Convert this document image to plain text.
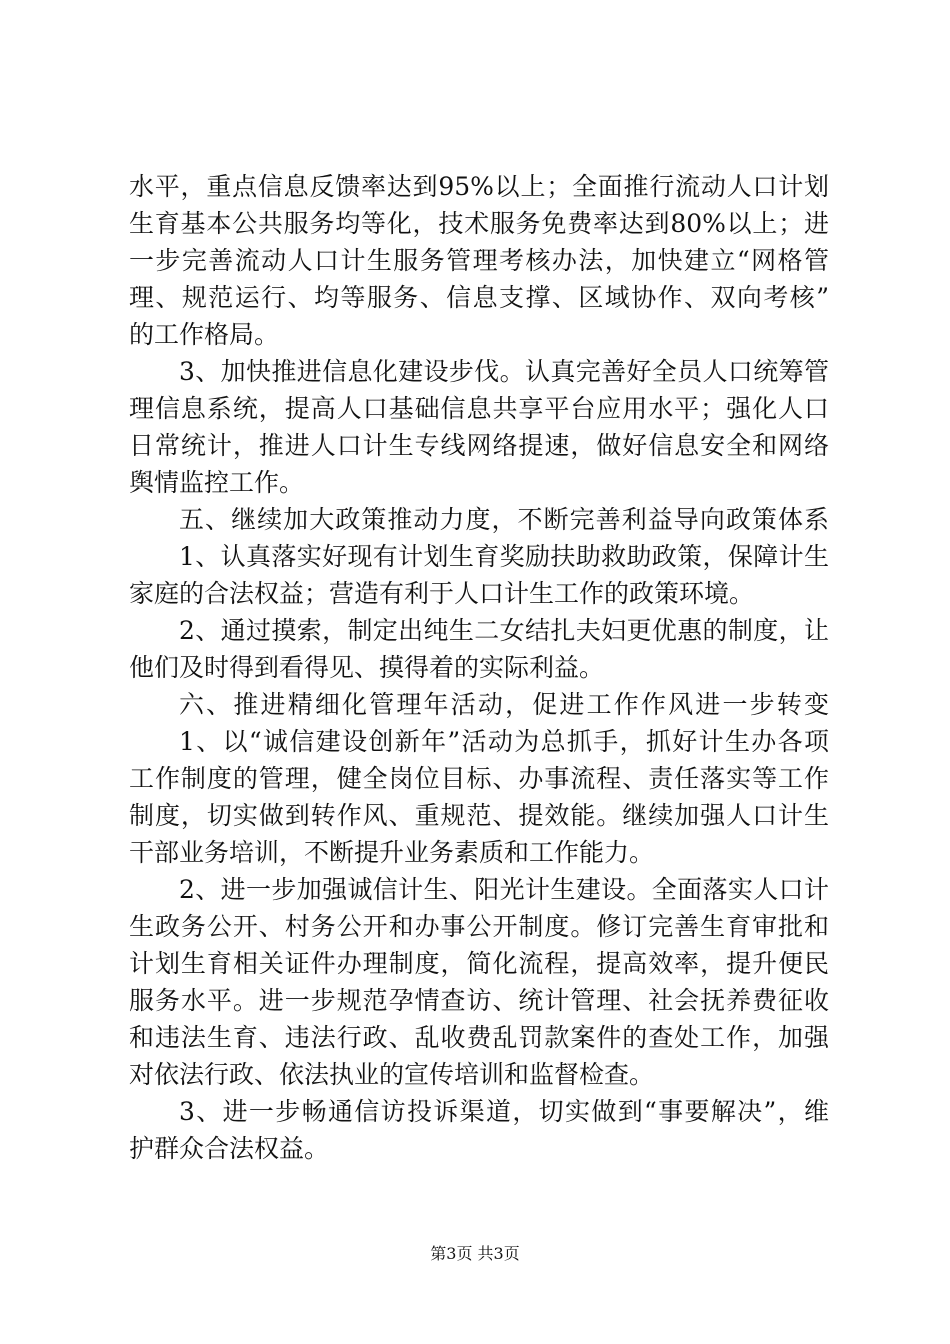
水平，重点信息反馈率达到95%以上；全面推行流动人口计划
生育基本公共服务均等化，技术服务免费率达到80%以上；进
一步完善流动人口计生服务管理考核办法，加快建立“网格管
理、规范运行、均等服务、信息支撑、区域协作、双向考核”
的工作格局。
3、加快推进信息化建设步伐。认真完善好全员人口统筹管
理信息系统，提高人口基础信息共享平台应用水平；强化人口
日常统计，推进人口计生专线网络提速，做好信息安全和网络
舆情监控工作。
五、继续加大政策推动力度，不断完善利益导向政策体系
1、认真落实好现有计划生育奖励扶助救助政策，保障计生
家庭的合法权益；营造有利于人口计生工作的政策环境。
2、通过摸索，制定出纯生二女结扎夫妇更优惠的制度，让
他们及时得到看得见、摸得着的实际利益。
六、推进精细化管理年活动，促进工作作风进一步转变
1、以“诚信建设创新年”活动为总抓手，抓好计生办各项
工作制度的管理，健全岗位目标、办事流程、责任落实等工作
制度，切实做到转作风、重规范、提效能。继续加强人口计生
干部业务培训，不断提升业务素质和工作能力。
2、进一步加强诚信计生、阳光计生建设。全面落实人口计
生政务公开、村务公开和办事公开制度。修订完善生育审批和
计划生育相关证件办理制度，简化流程，提高效率，提升便民
服务水平。进一步规范孕情查访、统计管理、社会抚养费征收
和违法生育、违法行政、乱收费乱罚款案件的查处工作，加强
对依法行政、依法执业的宣传培训和监督检查。
3、进一步畅通信访投诉渠道，切实做到“事要解决”，维
护群众合法权益。
第3页 共3页
